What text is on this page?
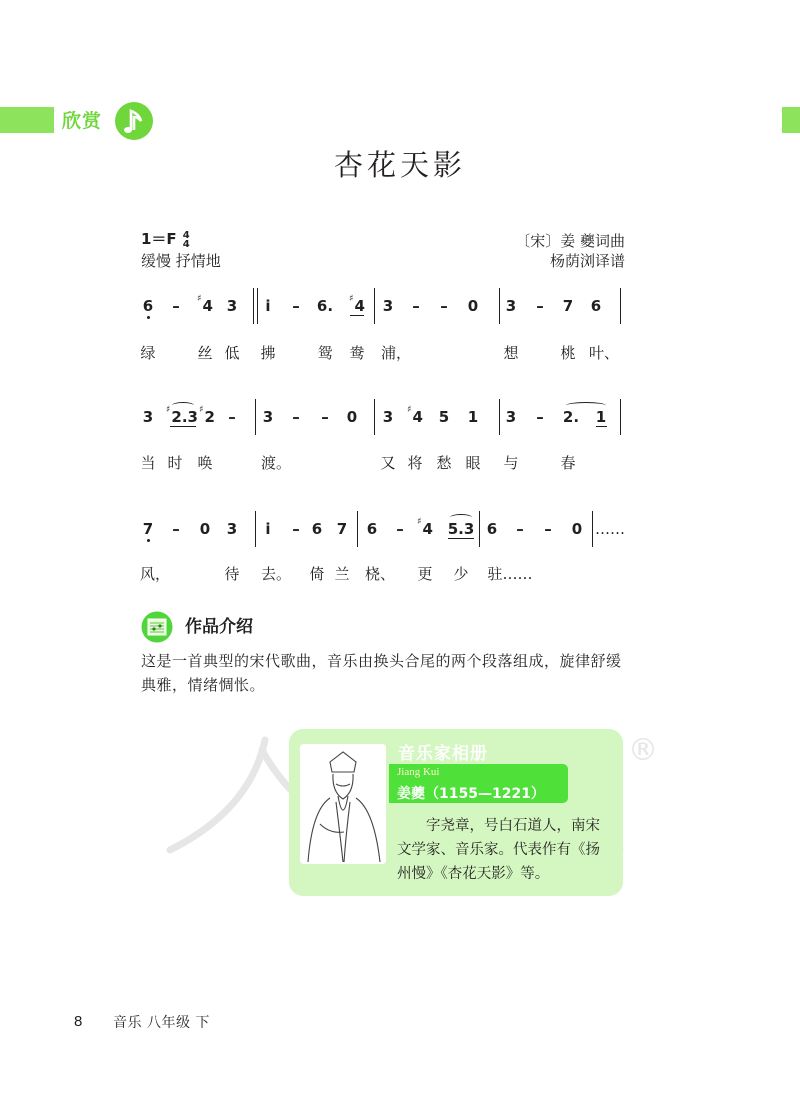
欣赏
杏花天影
1＝F 4
4
缓慢 抒情地
〔宋〕姜 夔词曲
杨荫浏译谱
6 – ♯4 3 i – 6. ♯4 3 – – 0 3 – 7 6
绿	丝 低 拂	鸳 鸯 浦，	想	桃 叶、
3 ♯2.3 ♯2 – 3 – – 0 3 ♯4 5 1 3 – 2. 1
当 时 唤	渡。	又 将 愁 眼 与	春
7 – 0 3 i – 6 7 6 – ♯4 5.3 6 – – 0 ……
风，	待 去。 倚 兰 桡、 更 少 驻……
作品介绍
这是一首典型的宋代歌曲，音乐由换头合尾的两个段落组成，旋律舒缓典雅，情绪惆怅。
®
音乐家相册
Jiang Kui
姜夔（1155—1221）
字尧章，号白石道人，南宋文学家、音乐家。代表作有《扬州慢》《杏花天影》等。
8 音乐 八年级 下
